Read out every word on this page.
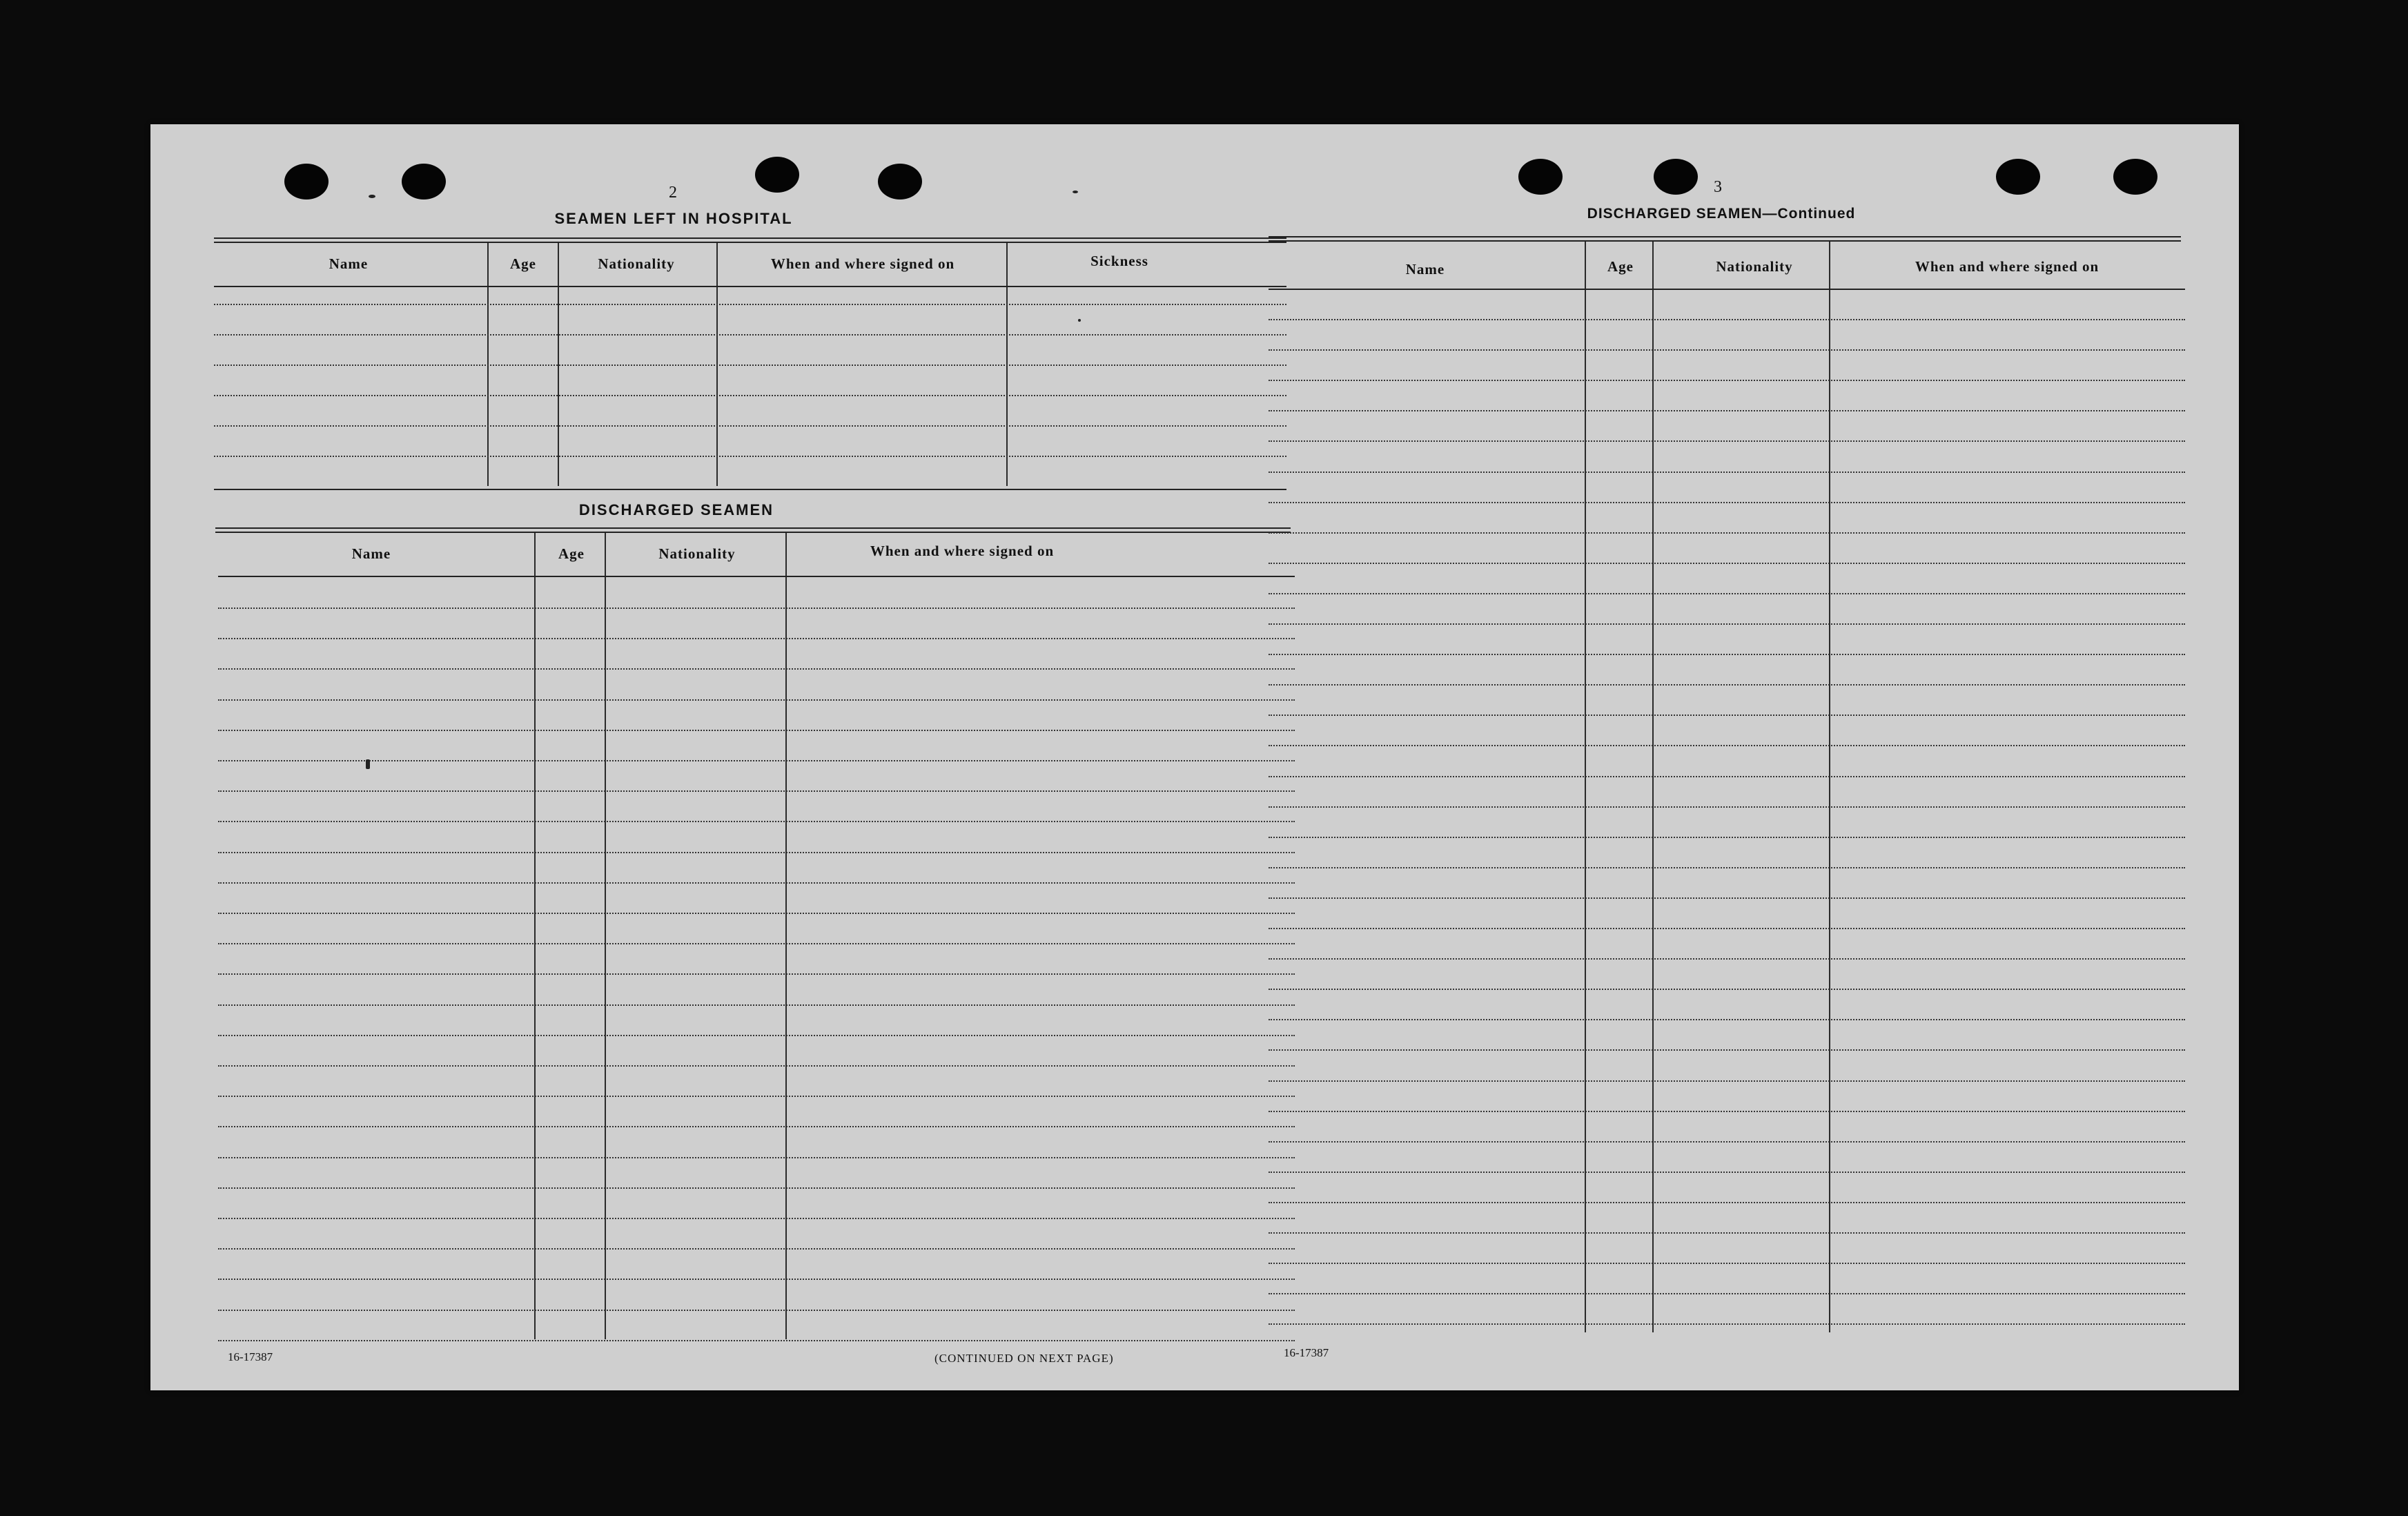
2
SEAMEN LEFT IN HOSPITAL
Name	Age	Nationality	When and where signed on	Sickness
DISCHARGED SEAMEN
Name	Age	Nationality	When and where signed on
16-17387	(CONTINUED ON NEXT PAGE)
3
DISCHARGED SEAMEN—Continued
Name	Age	Nationality	When and where signed on
16-17387
